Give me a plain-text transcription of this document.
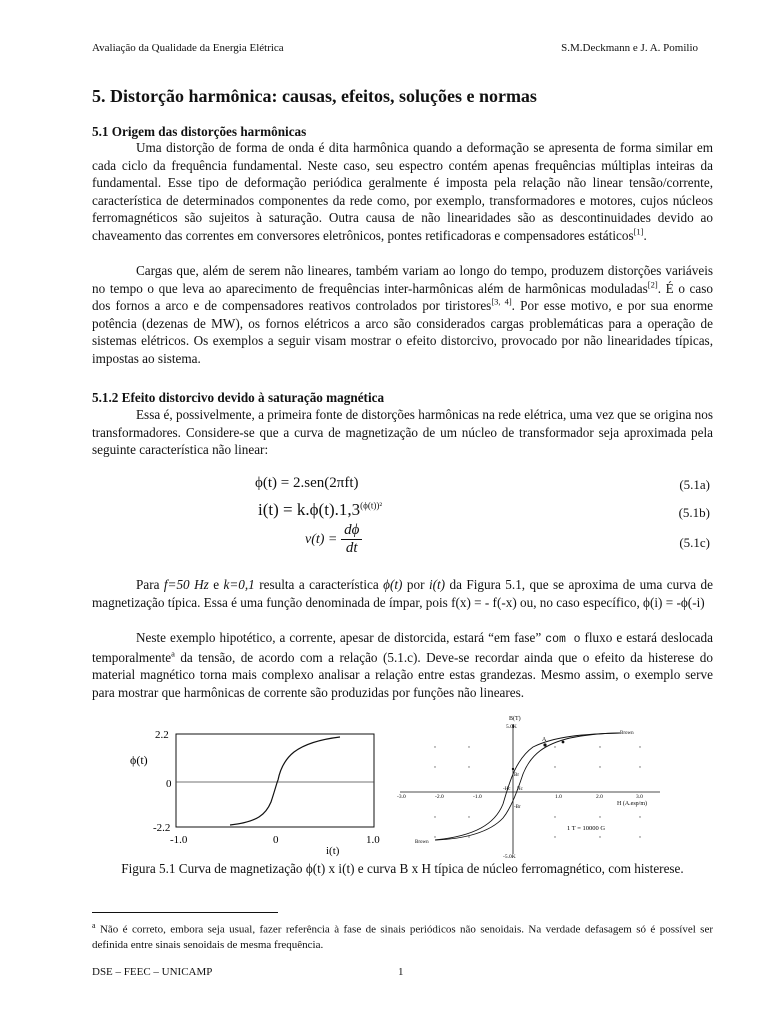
Avaliação da Qualidade da Energia Elétrica	S.M.Deckmann e J. A. Pomilio
5. Distorção harmônica: causas, efeitos, soluções e normas
5.1 Origem das distorções harmônicas

Uma distorção de forma de onda é dita harmônica quando a deformação se apresenta de forma similar em cada ciclo da frequência fundamental. Neste caso, seu espectro contém apenas frequências múltiplas inteiras da fundamental. Esse tipo de deformação periódica geralmente é imposta pela relação não linear tensão/corrente, característica de determinados componentes da rede como, por exemplo, transformadores e motores, cujos núcleos ferromagnéticos são sujeitos à saturação. Outra causa de não linearidades são as descontinuidades devido ao chaveamento das correntes em conversores eletrônicos, pontes retificadoras e compensadores estáticos[1].

Cargas que, além de serem não lineares, também variam ao longo do tempo, produzem distorções variáveis no tempo o que leva ao aparecimento de frequências inter-harmônicas além de harmônicas moduladas[2]. É o caso dos fornos a arco e de compensadores reativos controlados por tiristores[3, 4]. Por esse motivo, e por sua enorme potência (dezenas de MW), os fornos elétricos a arco são considerados cargas problemáticas para a operação de sistemas elétricos. Os exemplos a seguir visam mostrar o efeito distorcivo, provocado por não linearidades típicas, impostas ao sistema.

5.1.2 Efeito distorcivo devido à saturação magnética

Essa é, possivelmente, a primeira fonte de distorções harmônicas na rede elétrica, uma vez que se origina nos transformadores. Considere-se que a curva de magnetização de um núcleo de transformador seja aproximada pela seguinte característica não linear:

ϕ(t) = 2.sen(2πft)	(5.1a)
$i(t) = k.\phi(t).1,3^{(\phi(t))^2}$	(5.1b)
$v(t) = \frac{d\phi}{dt}$	(5.1c)

Para f=50 Hz e k=0,1 resulta a característica ϕ(t) por i(t) da Figura 5.1, que se aproxima de uma curva de magnetização típica. Essa é uma função denominada de ímpar, pois f(x) = - f(-x) ou, no caso específico, ϕ(i) = -ϕ(-i)

Neste exemplo hipotético, a corrente, apesar de distorcida, estará “em fase” com o fluxo e estará deslocada temporalmente$^a$ da tensão, de acordo com a relação (5.1.c). Deve-se recordar ainda que o efeito da histerese do material magnético torna mais complexo analisar a relação entre estas grandezas. Mesmo assim, o exemplo serve para mostrar que harmônicas de corrente são produzidas por funções não lineares.

ϕ(t)
2.2
0
-2.2
-1.0	0	1.0
i(t)
B(T)
5.0K
-5.0K
-3.0	-2.0	-1.0	1.0	2.0	3.0
H (A.esp/m)
A
Br
-Br
Hc
-Hc
Brown
Brown
1 T = 10000 G
Figura 5.1 Curva de magnetização ϕ(t) x i(t) e curva B x H típica de núcleo ferromagnético, com histerese.
$^a$ Não é correto, embora seja usual, fazer referência à fase de sinais periódicos não senoidais. Na verdade defasagem só é possível ser definida entre sinais senoidais de mesma frequência.
DSE – FEEC – UNICAMP	1
